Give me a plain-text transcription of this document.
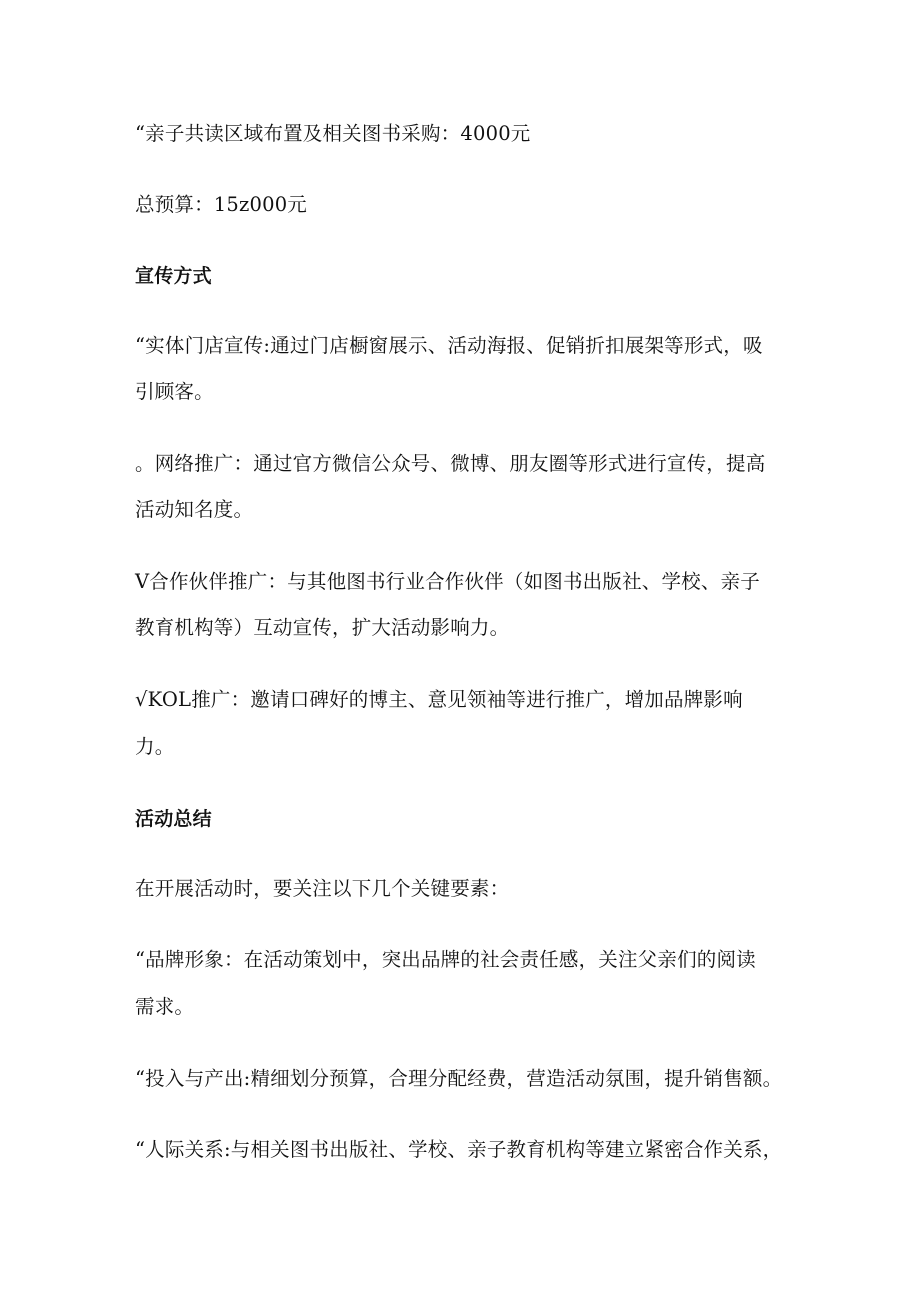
“亲子共读区域布置及相关图书采购：4000元
总预算：15z000元
宣传方式
“实体门店宣传:通过门店橱窗展示、活动海报、促销折扣展架等形式，吸
引顾客。
。网络推广：通过官方微信公众号、微博、朋友圈等形式进行宣传，提高
活动知名度。
V合作伙伴推广：与其他图书行业合作伙伴（如图书出版社、学校、亲子
教育机构等）互动宣传，扩大活动影响力。
√KOL推广：邀请口碑好的博主、意见领袖等进行推广，增加品牌影响
力。
活动总结
在开展活动时，要关注以下几个关键要素：
“品牌形象：在活动策划中，突出品牌的社会责任感，关注父亲们的阅读
需求。
“投入与产出:精细划分预算，合理分配经费，营造活动氛围，提升销售额。
“人际关系:与相关图书出版社、学校、亲子教育机构等建立紧密合作关系，
